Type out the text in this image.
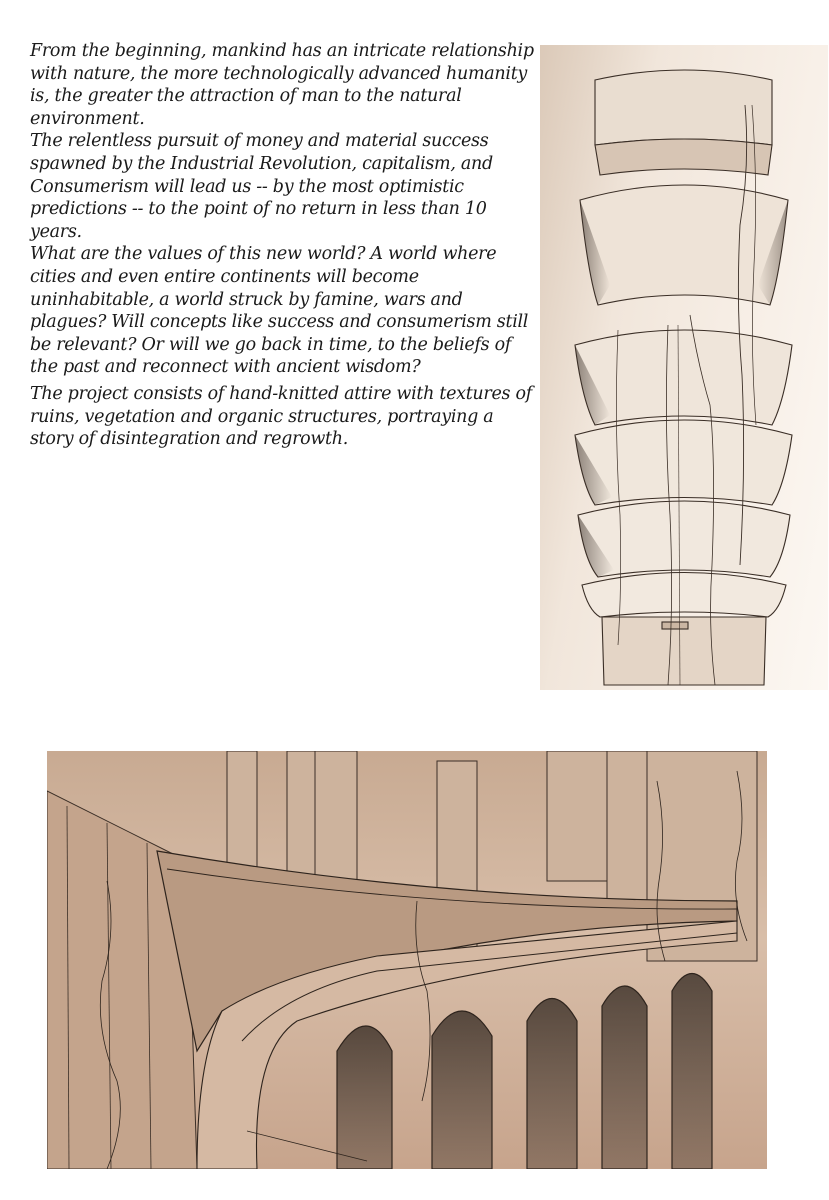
From the beginning, mankind has an intricate relationship with nature, the more technologically advanced humanity is, the greater the attraction of man to the natural environment.

The relentless pursuit of money and material success spawned by the Industrial Revolution, capitalism, and Consumerism will lead us -- by the most optimistic predictions -- to the point of no return in less than 10 years.

What are the values of this new world? A world where cities and even entire continents will become uninhabitable, a world struck by famine, wars and plagues? Will concepts like success and consumerism still be relevant? Or will we go back in time, to the beliefs of the past and reconnect with ancient wisdom?

The project consists of hand-knitted attire with textures of ruins, vegetation and organic structures, portraying a story of disintegration and regrowth.
